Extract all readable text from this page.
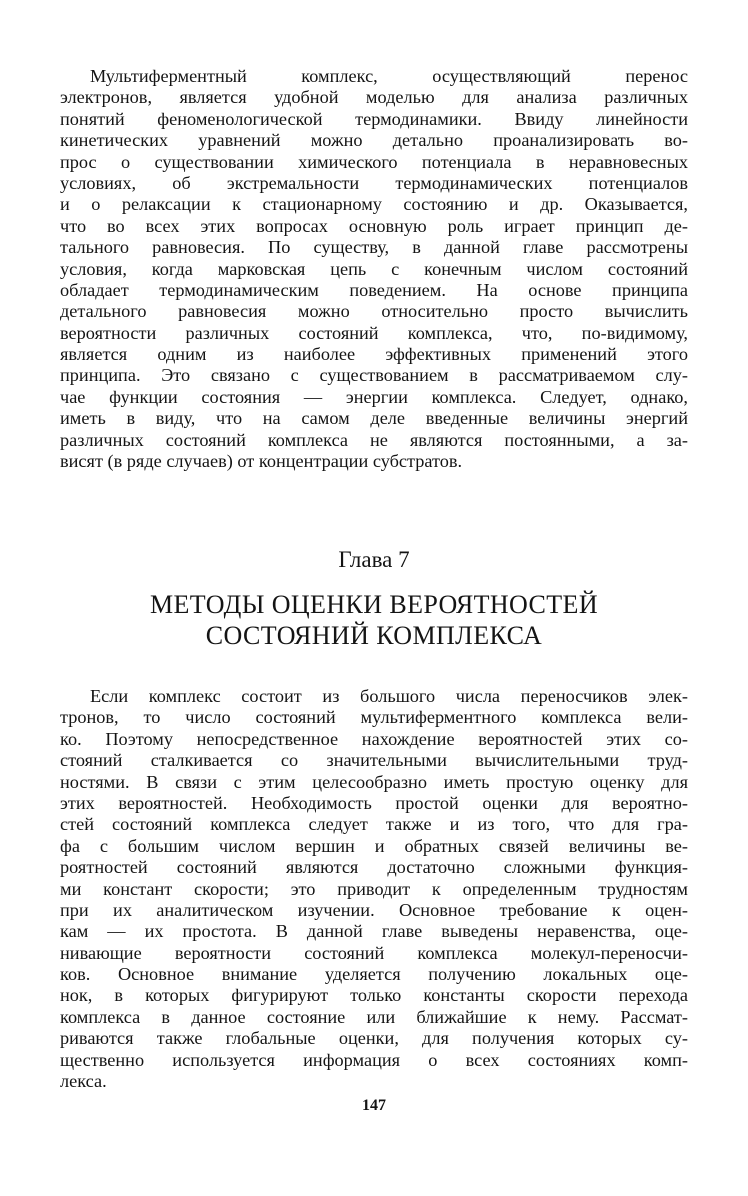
Мультиферментный комплекс, осуществляющий перенос
электронов, является удобной моделью для анализа различных
понятий феноменологической термодинамики. Ввиду линейности
кинетических уравнений можно детально проанализировать во-
прос о существовании химического потенциала в неравновесных
условиях, об экстремальности термодинамических потенциалов
и о релаксации к стационарному состоянию и др. Оказывается,
что во всех этих вопросах основную роль играет принцип де-
тального равновесия. По существу, в данной главе рассмотрены
условия, когда марковская цепь с конечным числом состояний
обладает термодинамическим поведением. На основе принципа
детального равновесия можно относительно просто вычислить
вероятности различных состояний комплекса, что, по-видимому,
является одним из наиболее эффективных применений этого
принципа. Это связано с существованием в рассматриваемом слу-
чае функции состояния — энергии комплекса. Следует, однако,
иметь в виду, что на самом деле введенные величины энергий
различных состояний комплекса не являются постоянными, а за-
висят (в ряде случаев) от концентрации субстратов.

Глава 7

МЕТОДЫ ОЦЕНКИ ВЕРОЯТНОСТЕЙ
СОСТОЯНИЙ КОМПЛЕКСА
Если комплекс состоит из большого числа переносчиков элек-
тронов, то число состояний мультиферментного комплекса вели-
ко. Поэтому непосредственное нахождение вероятностей этих со-
стояний сталкивается со значительными вычислительными труд-
ностями. В связи с этим целесообразно иметь простую оценку для
этих вероятностей. Необходимость простой оценки для вероятно-
стей состояний комплекса следует также и из того, что для гра-
фа с большим числом вершин и обратных связей величины ве-
роятностей состояний являются достаточно сложными функция-
ми констант скорости; это приводит к определенным трудностям
при их аналитическом изучении. Основное требование к оцен-
кам — их простота. В данной главе выведены неравенства, оце-
нивающие вероятности состояний комплекса молекул-переносчи-
ков. Основное внимание уделяется получению локальных оце-
нок, в которых фигурируют только константы скорости перехода
комплекса в данное состояние или ближайшие к нему. Рассмат-
риваются также глобальные оценки, для получения которых су-
щественно используется информация о всех состояниях комп-
лекса.

147
